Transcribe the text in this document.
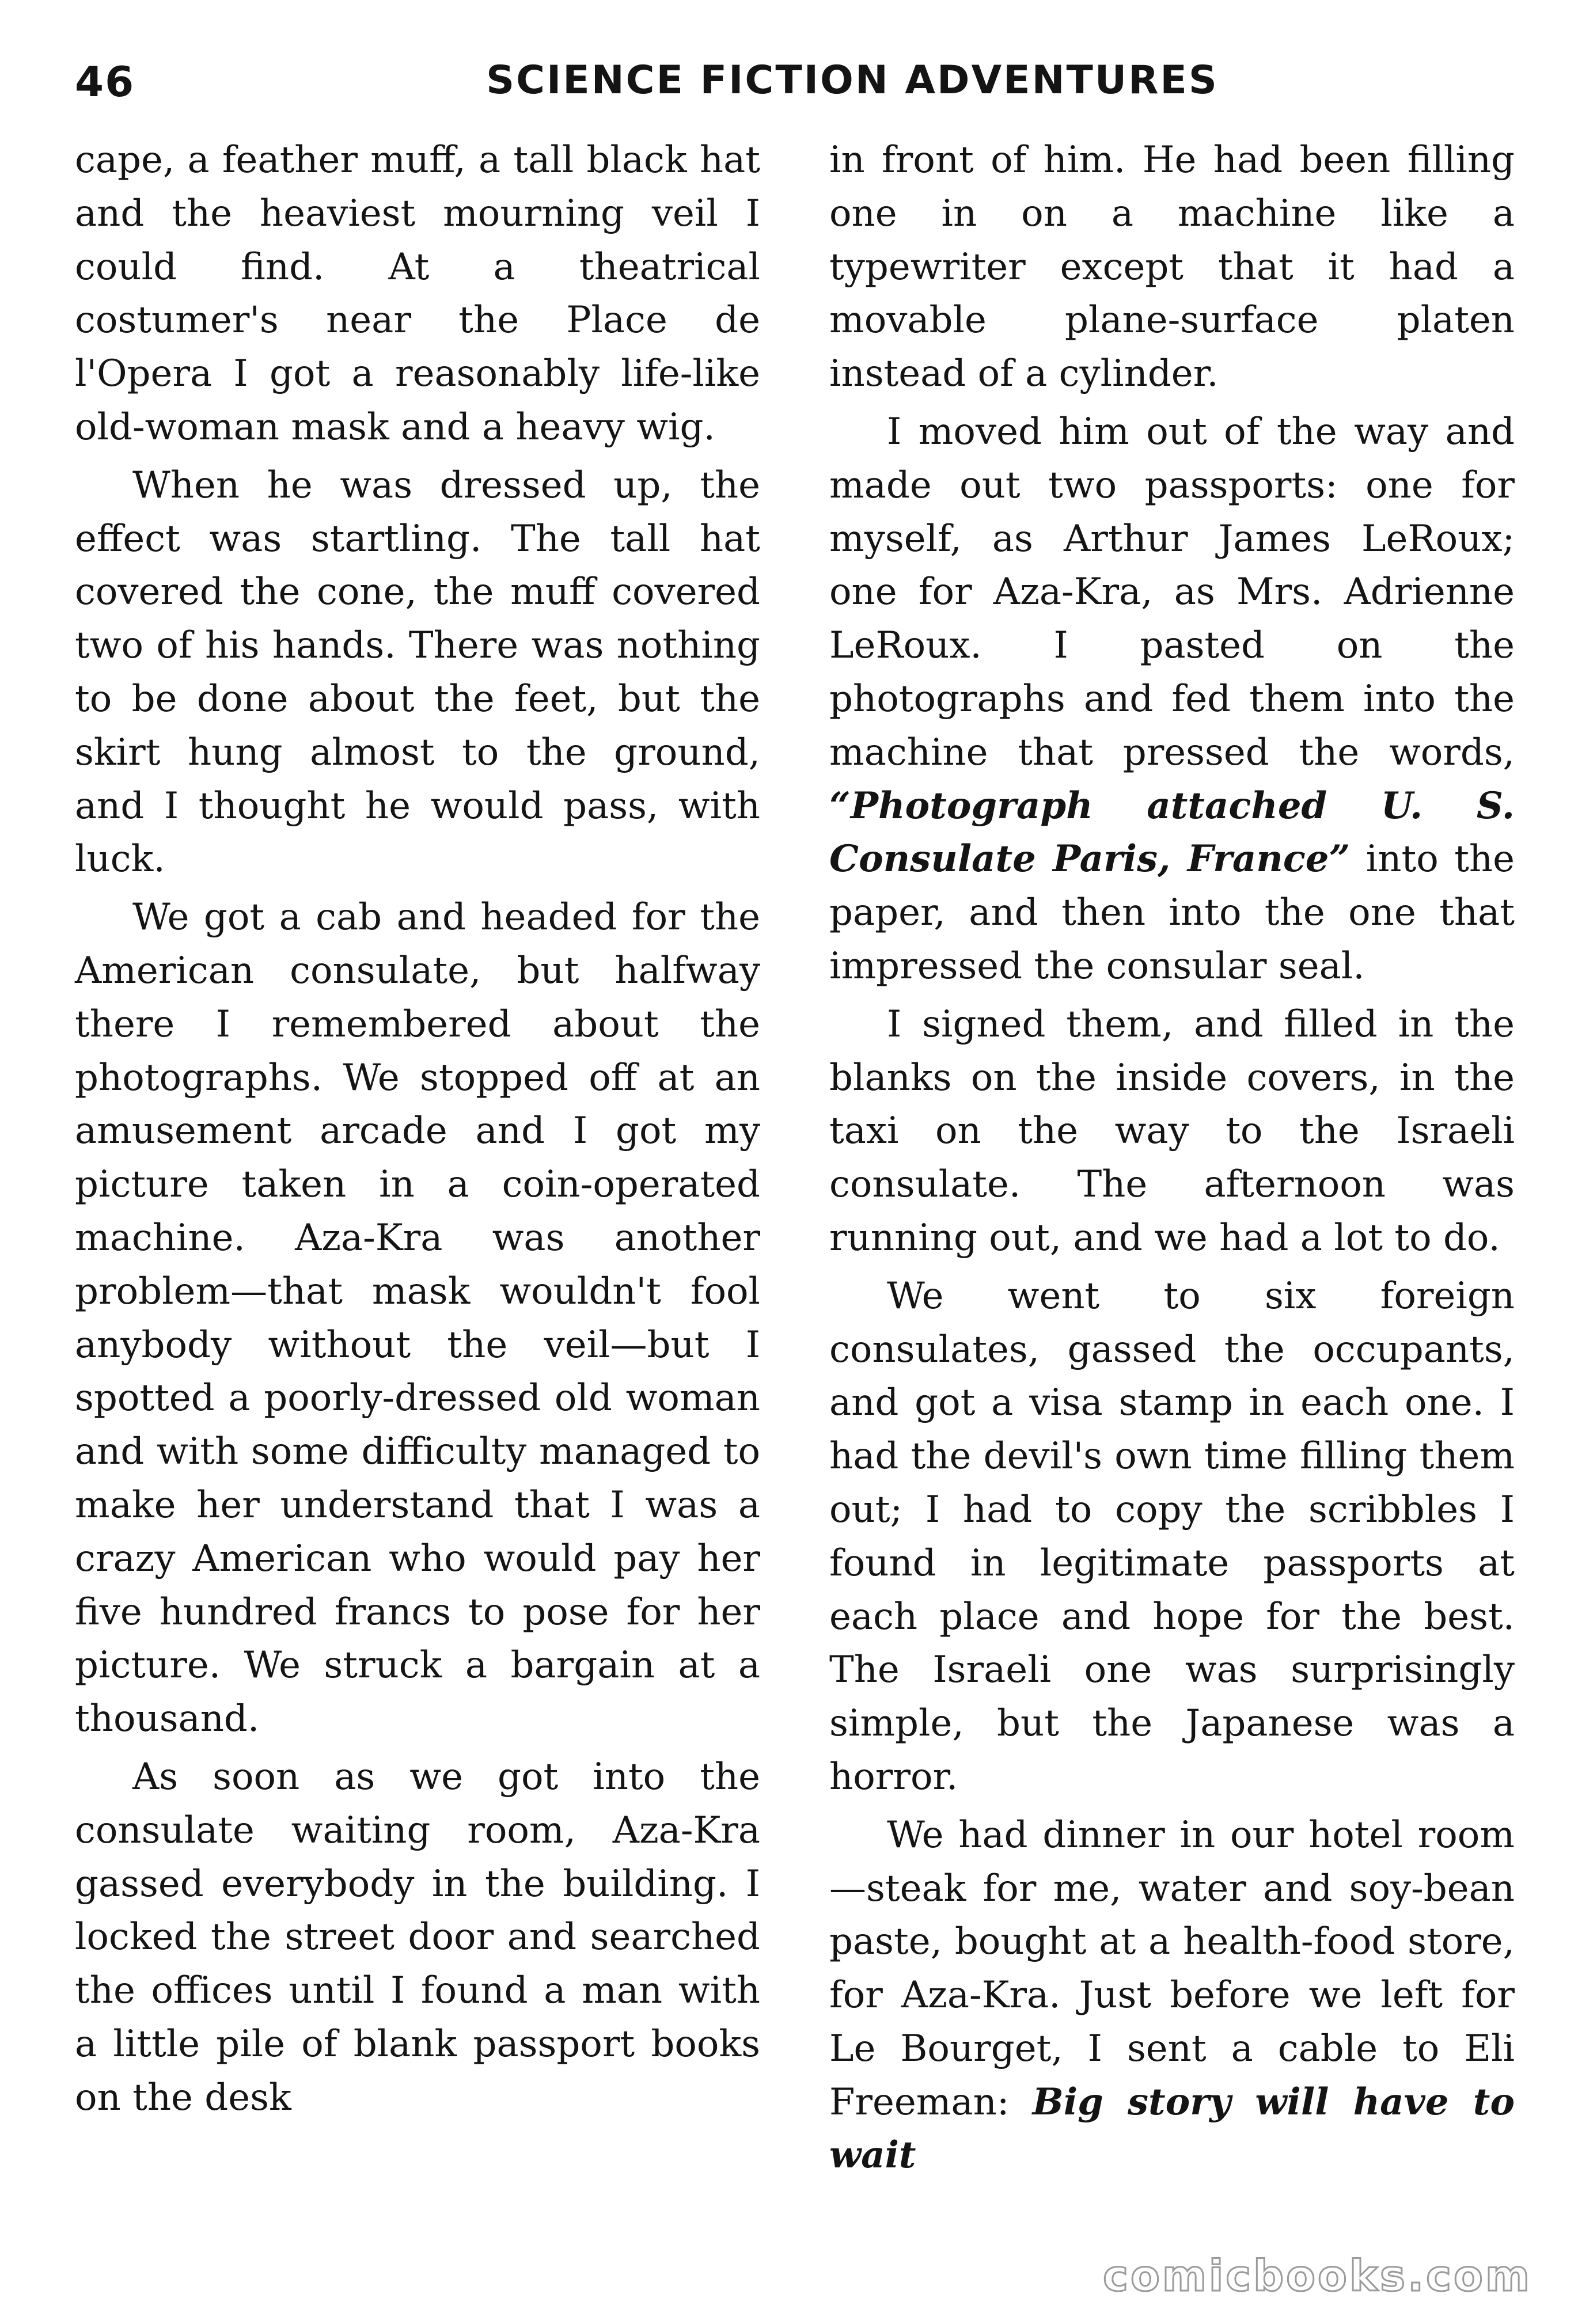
46	SCIENCE FICTION ADVENTURES

cape, a feather muff, a tall black hat and the heaviest mourning veil I could find. At a theatrical costumer's near the Place de l'Opera I got a reasonably life-like old-woman mask and a heavy wig.

When he was dressed up, the effect was startling. The tall hat covered the cone, the muff covered two of his hands. There was nothing to be done about the feet, but the skirt hung almost to the ground, and I thought he would pass, with luck.

We got a cab and headed for the American consulate, but halfway there I remembered about the photographs. We stopped off at an amusement arcade and I got my picture taken in a coin-operated machine. Aza-Kra was another problem—that mask wouldn't fool anybody without the veil—but I spotted a poorly-dressed old woman and with some difficulty managed to make her understand that I was a crazy American who would pay her five hundred francs to pose for her picture. We struck a bargain at a thousand.

As soon as we got into the consulate waiting room, Aza-Kra gassed everybody in the building. I locked the street door and searched the offices until I found a man with a little pile of blank passport books on the desk

in front of him. He had been filling one in on a machine like a typewriter except that it had a movable plane-surface platen instead of a cylinder.

I moved him out of the way and made out two passports: one for myself, as Arthur James LeRoux; one for Aza-Kra, as Mrs. Adrienne LeRoux. I pasted on the photographs and fed them into the machine that pressed the words, “Photograph attached U. S. Consulate Paris, France” into the paper, and then into the one that impressed the consular seal.

I signed them, and filled in the blanks on the inside covers, in the taxi on the way to the Israeli consulate. The afternoon was running out, and we had a lot to do.

We went to six foreign consulates, gassed the occupants, and got a visa stamp in each one. I had the devil's own time filling them out; I had to copy the scribbles I found in legitimate passports at each place and hope for the best. The Israeli one was surprisingly simple, but the Japanese was a horror.

We had dinner in our hotel room—steak for me, water and soy-bean paste, bought at a health-food store, for Aza-Kra. Just before we left for Le Bourget, I sent a cable to Eli Freeman: Big story will have to wait

comicbooks.com
